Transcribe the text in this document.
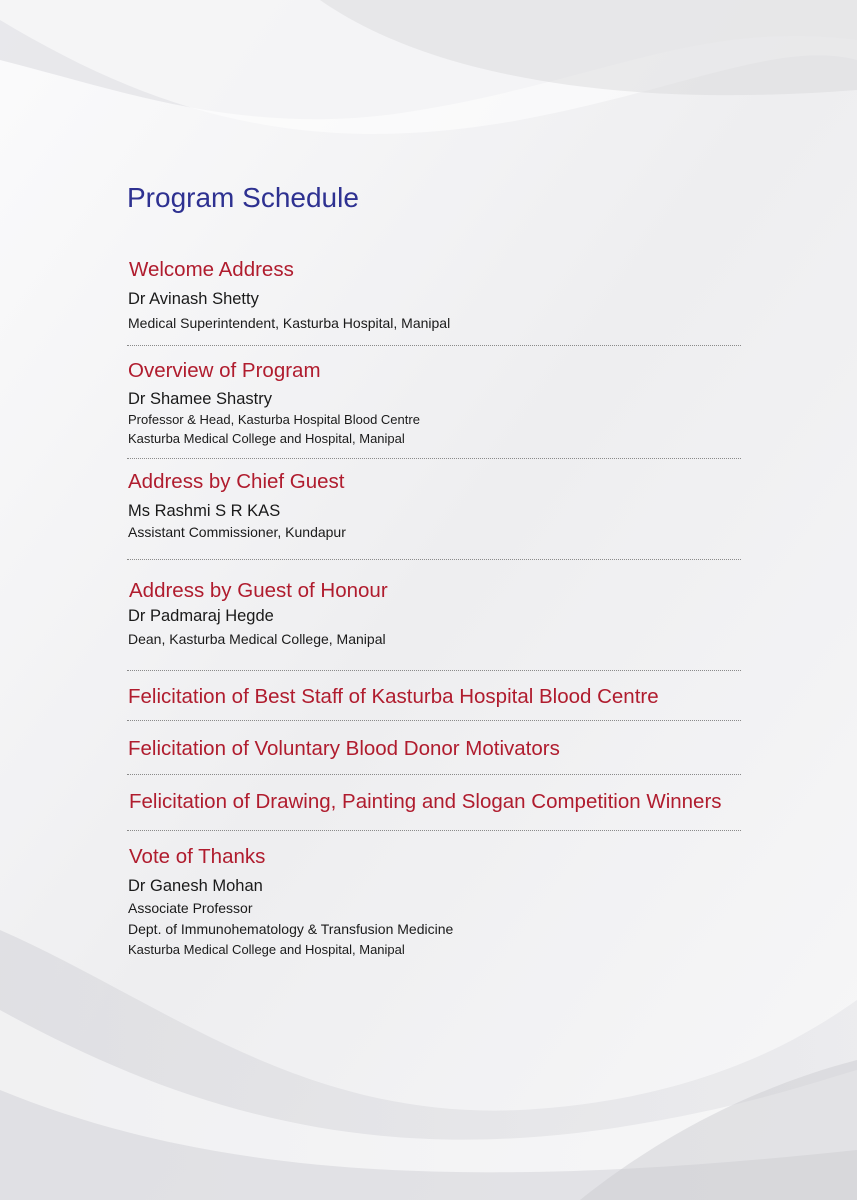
Program Schedule
Welcome Address
Dr Avinash Shetty
Medical Superintendent, Kasturba Hospital, Manipal
Overview of Program
Dr Shamee Shastry
Professor & Head, Kasturba Hospital Blood Centre
Kasturba Medical College and Hospital, Manipal
Address by Chief Guest
Ms Rashmi S R KAS
Assistant Commissioner, Kundapur
Address by Guest of Honour
Dr Padmaraj Hegde
Dean, Kasturba Medical College, Manipal
Felicitation of Best Staff of Kasturba Hospital Blood Centre
Felicitation of Voluntary Blood Donor Motivators
Felicitation of Drawing, Painting and Slogan Competition Winners
Vote of Thanks
Dr Ganesh Mohan
Associate Professor
Dept. of Immunohematology & Transfusion Medicine
Kasturba Medical College and Hospital, Manipal
